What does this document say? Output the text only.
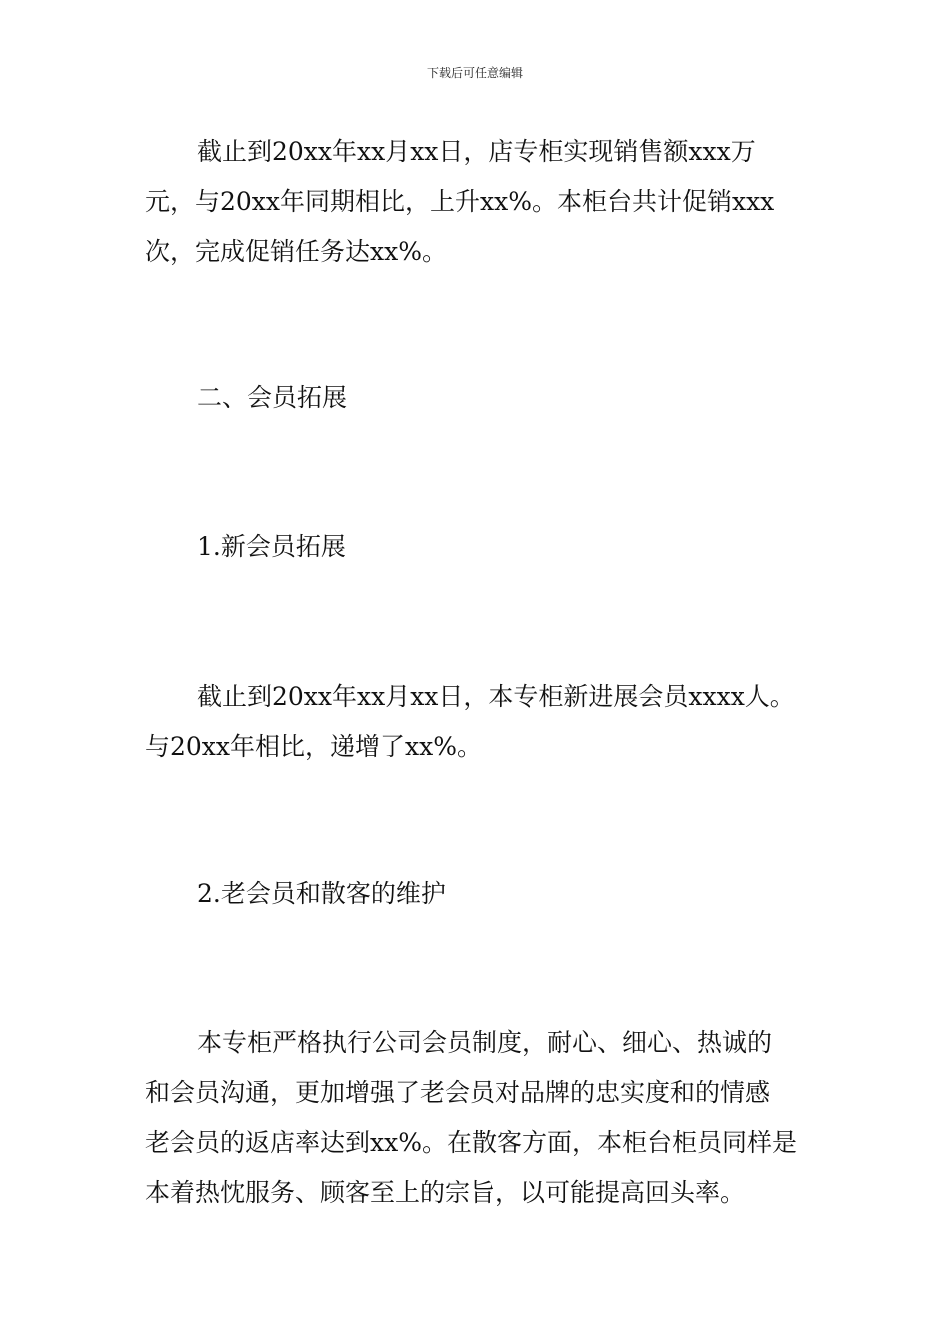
下载后可任意编辑

截止到20xx年xx月xx日，店专柜实现销售额xxx万
元，与20xx年同期相比，上升xx%。本柜台共计促销xxx
次，完成促销任务达xx%。

二、会员拓展

1.新会员拓展

截止到20xx年xx月xx日，本专柜新进展会员xxxx人。
与20xx年相比，递增了xx%。

2.老会员和散客的维护

本专柜严格执行公司会员制度，耐心、细心、热诚的
和会员沟通，更加增强了老会员对品牌的忠实度和的情感
老会员的返店率达到xx%。在散客方面，本柜台柜员同样是
本着热忱服务、顾客至上的宗旨，以可能提高回头率。
